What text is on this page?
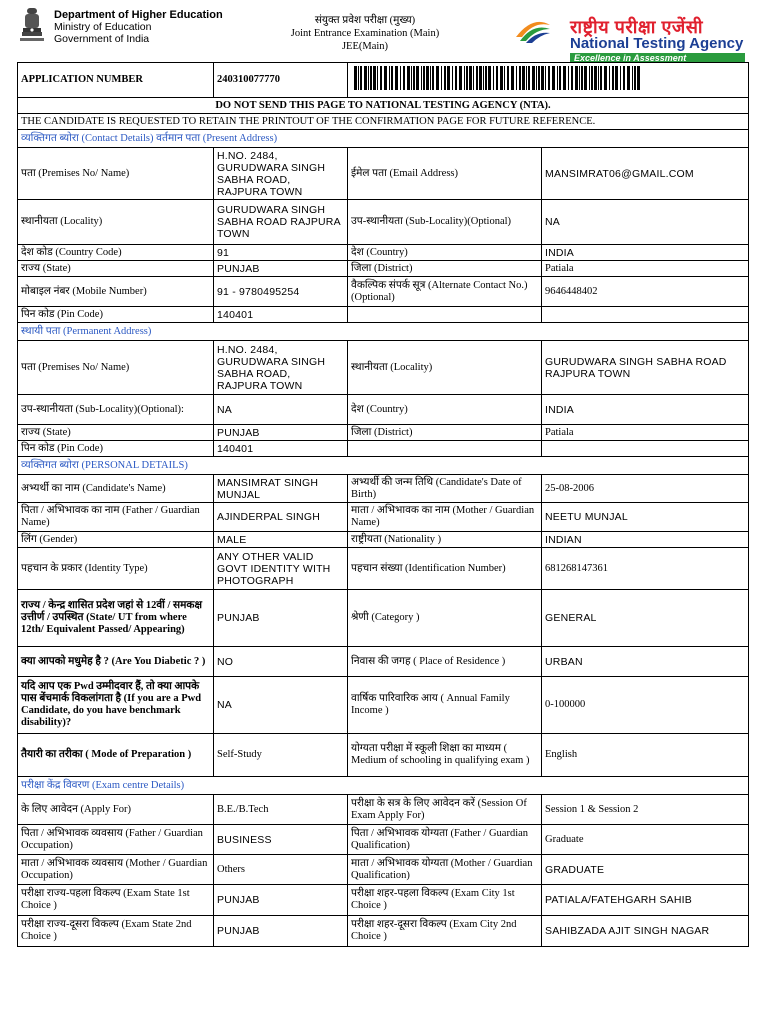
Department of Higher Education
Ministry of Education
Government of India
संयुक्त प्रवेश परीक्षा (मुख्य)
Joint Entrance Examination (Main)
JEE(Main)
राष्ट्रीय परीक्षा एजेंसी
National Testing Agency
Excellence in Assessment
APPLICATION NUMBER	240310077770	
DO NOT SEND THIS PAGE TO NATIONAL TESTING AGENCY (NTA).			
THE CANDIDATE IS REQUESTED TO RETAIN THE PRINTOUT OF THE CONFIRMATION PAGE FOR FUTURE REFERENCE.			
व्यक्तिगत ब्योरा (Contact Details) वर्तमान पता (Present Address)			
पता (Premises No/ Name)	H.NO. 2484,
GURUDWARA SINGH
SABHA ROAD,
RAJPURA TOWN	ईमेल पता (Email Address)	MANSIMRAT06@GMAIL.COM
स्थानीयता (Locality)	GURUDWARA SINGH SABHA ROAD RAJPURA TOWN	उप-स्थानीयता (Sub-Locality)(Optional)	NA
देश कोड (Country Code)	91	देश (Country)	INDIA
राज्य (State)	PUNJAB	जिला (District)	Patiala
मोबाइल नंबर (Mobile Number)	91 - 9780495254	वैकल्पिक संपर्क सूत्र (Alternate Contact No.) (Optional)	9646448402
पिन कोड (Pin Code)	140401		
स्थायी पता (Permanent Address)			
पता (Premises No/ Name)	H.NO. 2484,
GURUDWARA SINGH
SABHA ROAD,
RAJPURA TOWN	स्थानीयता (Locality)	GURUDWARA SINGH SABHA ROAD RAJPURA TOWN
उप-स्थानीयता (Sub-Locality)(Optional):	NA	देश (Country)	INDIA
राज्य (State)	PUNJAB	जिला (District)	Patiala
पिन कोड (Pin Code)	140401		
व्यक्तिगत ब्योरा (PERSONAL DETAILS)			
अभ्यर्थी का नाम (Candidate's Name)	MANSIMRAT SINGH MUNJAL	अभ्यर्थी की जन्म तिथि (Candidate's Date of Birth)	25-08-2006
पिता / अभिभावक का नाम (Father / Guardian Name)	AJINDERPAL SINGH	माता / अभिभावक का नाम (Mother / Guardian Name)	NEETU MUNJAL
लिंग (Gender)	MALE	राष्ट्रीयता (Nationality )	INDIAN
पहचान के प्रकार (Identity Type)	ANY OTHER VALID GOVT IDENTITY WITH PHOTOGRAPH	पहचान संख्या (Identification Number)	681268147361
राज्य / केन्द्र शासित प्रदेश जहां से 12वीं / समकक्ष उत्तीर्ण / उपस्थित (State/ UT from where 12th/ Equivalent Passed/ Appearing)	PUNJAB	श्रेणी (Category )	GENERAL
क्या आपको मधुमेह है ? (Are You Diabetic ? )	NO	निवास की जगह ( Place of Residence )	URBAN
यदि आप एक Pwd उम्मीदवार हैं, तो क्या आपके पास बेंचमार्क विकलांगता है (If you are a Pwd Candidate, do you have benchmark disability)?	NA	वार्षिक पारिवारिक आय ( Annual Family Income )	0-100000
तैयारी का तरीका ( Mode of Preparation )	Self-Study	योग्यता परीक्षा में स्कूली शिक्षा का माध्यम ( Medium of schooling in qualifying exam )	English
परीक्षा केंद्र विवरण (Exam centre Details)			
के लिए आवेदन (Apply For)	B.E./B.Tech	परीक्षा के सत्र के लिए आवेदन करें (Session Of Exam Apply For)	Session 1 & Session 2
पिता / अभिभावक व्यवसाय (Father / Guardian Occupation)	BUSINESS	पिता / अभिभावक योग्यता (Father / Guardian Qualification)	Graduate
माता / अभिभावक व्यवसाय (Mother / Guardian Occupation)	Others	माता / अभिभावक योग्यता (Mother / Guardian Qualification)	GRADUATE
परीक्षा राज्य-पहला विकल्प (Exam State 1st Choice )	PUNJAB	परीक्षा शहर-पहला विकल्प (Exam City 1st Choice )	PATIALA/FATEHGARH SAHIB
परीक्षा राज्य-दूसरा विकल्प (Exam State 2nd Choice )	PUNJAB	परीक्षा शहर-दूसरा विकल्प (Exam City 2nd Choice )	SAHIBZADA AJIT SINGH NAGAR
